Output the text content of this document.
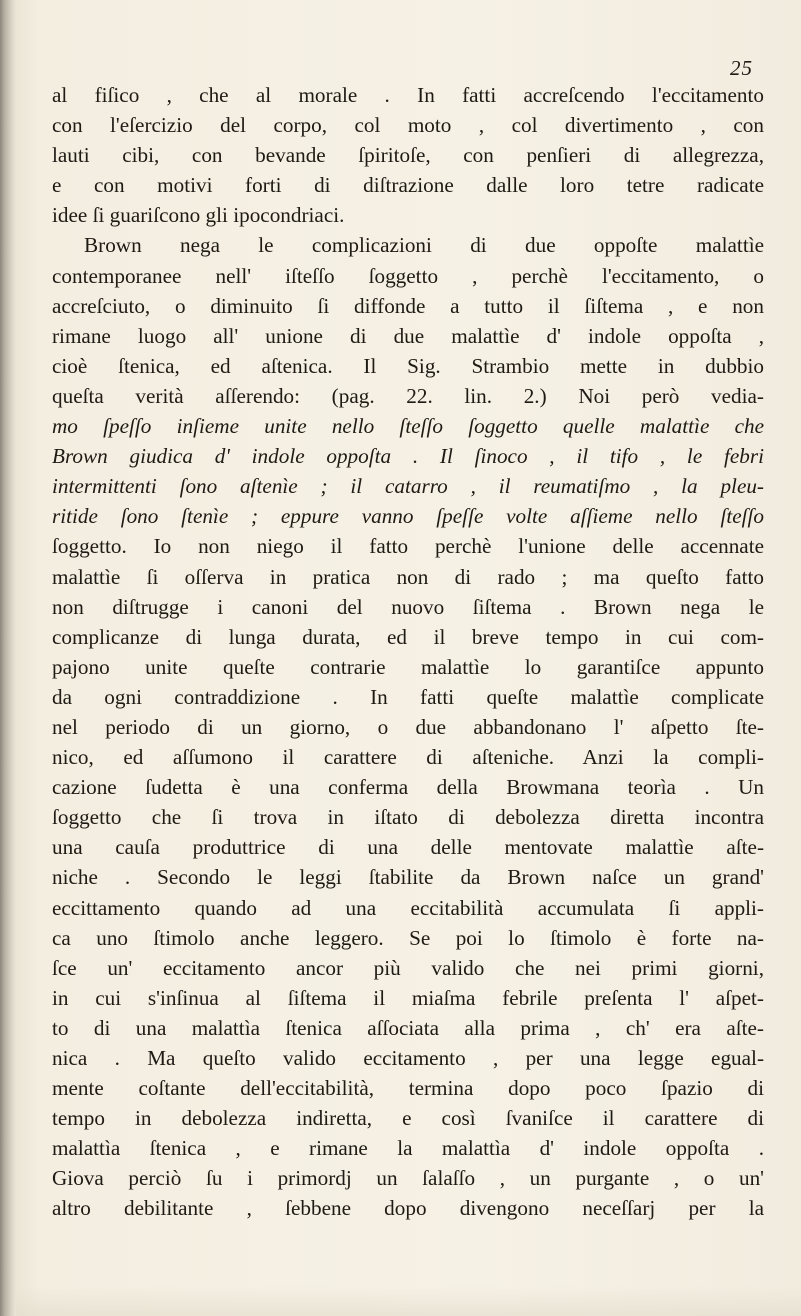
25
al fiſico , che al morale . In fatti accreſcendo l'eccitamento
con l'eſercizio del corpo, col moto , col divertimento , con
lauti cibi, con bevande ſpiritoſe, con penſieri di allegrezza,
e con motivi forti di diſtrazione dalle loro tetre radicate
idee ſi guariſcono gli ipocondriaci.
Brown nega le complicazioni di due oppoſte malattìe
contemporanee nell' iſteſſo ſoggetto , perchè l'eccitamento, o
accreſciuto, o diminuito ſi diffonde a tutto il ſiſtema , e non
rimane luogo all' unione di due malattìe d' indole oppoſta ,
cioè ſtenica, ed aſtenica. Il Sig. Strambio mette in dubbio
queſta verità aſſerendo: (pag. 22. lin. 2.) Noi però vedia-
mo ſpeſſo inſieme unite nello ſteſſo ſoggetto quelle malattìe che
Brown giudica d' indole oppoſta . Il ſinoco , il tifo , le febri
intermittenti ſono aſtenìe ; il catarro , il reumatiſmo , la pleu-
ritide ſono ſtenìe ; eppure vanno ſpeſſe volte aſſieme nello ſteſſo
ſoggetto. Io non niego il fatto perchè l'unione delle accennate
malattìe ſi oſſerva in pratica non di rado ; ma queſto fatto
non diſtrugge i canoni del nuovo ſiſtema . Brown nega le
complicanze di lunga durata, ed il breve tempo in cui com-
pajono unite queſte contrarie malattìe lo garantiſce appunto
da ogni contraddizione . In fatti queſte malattìe complicate
nel periodo di un giorno, o due abbandonano l' aſpetto ſte-
nico, ed aſſumono il carattere di aſteniche. Anzi la compli-
cazione ſudetta è una conferma della Browmana teorìa . Un
ſoggetto che ſi trova in iſtato di debolezza diretta incontra
una cauſa produttrice di una delle mentovate malattìe aſte-
niche . Secondo le leggi ſtabilite da Brown naſce un grand'
eccittamento quando ad una eccitabilità accumulata ſi appli-
ca uno ſtimolo anche leggero. Se poi lo ſtimolo è forte na-
ſce un' eccitamento ancor più valido che nei primi giorni,
in cui s'inſinua al ſiſtema il miaſma febrile preſenta l' aſpet-
to di una malattìa ſtenica aſſociata alla prima , ch' era aſte-
nica . Ma queſto valido eccitamento , per una legge egual-
mente coſtante dell'eccitabilità, termina dopo poco ſpazio di
tempo in debolezza indiretta, e così ſvaniſce il carattere di
malattìa ſtenica , e rimane la malattìa d' indole oppoſta .
Giova perciò ſu i primordj un ſalaſſo , un purgante , o un'
altro debilitante , ſebbene dopo divengono neceſſarj per la
